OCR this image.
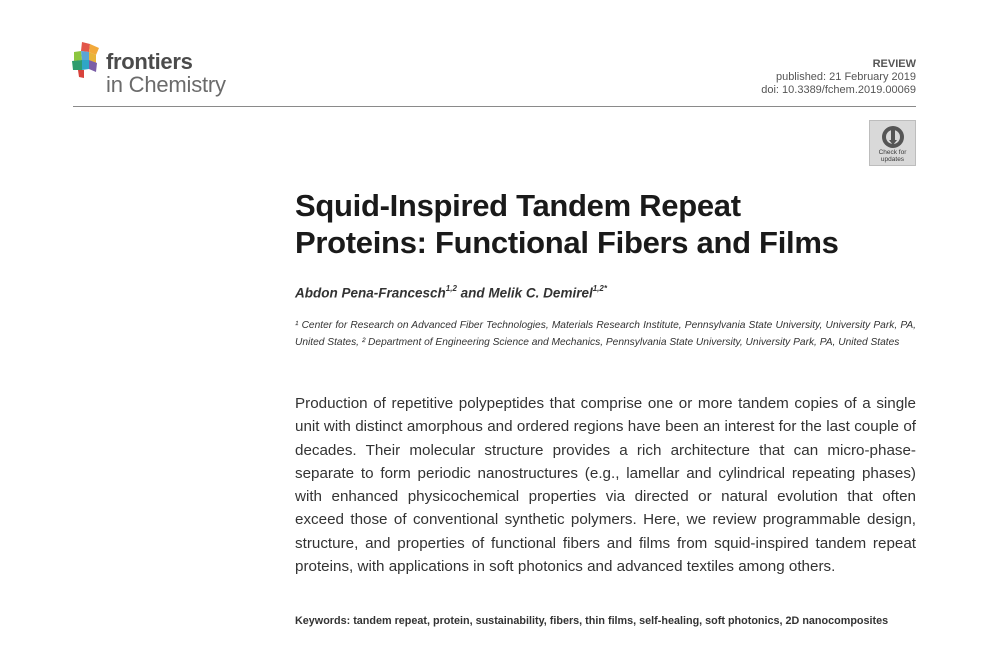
frontiers
in Chemistry
REVIEW
published: 21 February 2019
doi: 10.3389/fchem.2019.00069
Check for
updates
Squid-Inspired Tandem Repeat
Proteins: Functional Fibers and Films
Abdon Pena-Francesch$^{1,2}$ and Melik C. Demirel$^{1,2*}$
¹ Center for Research on Advanced Fiber Technologies, Materials Research Institute, Pennsylvania State University, University Park, PA, United States, ² Department of Engineering Science and Mechanics, Pennsylvania State University, University Park, PA, United States
Production of repetitive polypeptides that comprise one or more tandem copies of a single unit with distinct amorphous and ordered regions have been an interest for the last couple of decades. Their molecular structure provides a rich architecture that can micro-phase-separate to form periodic nanostructures (e.g., lamellar and cylindrical repeating phases) with enhanced physicochemical properties via directed or natural evolution that often exceed those of conventional synthetic polymers. Here, we review programmable design, structure, and properties of functional fibers and films from squid-inspired tandem repeat proteins, with applications in soft photonics and advanced textiles among others.
Keywords: tandem repeat, protein, sustainability, fibers, thin films, self-healing, soft photonics, 2D nanocomposites
